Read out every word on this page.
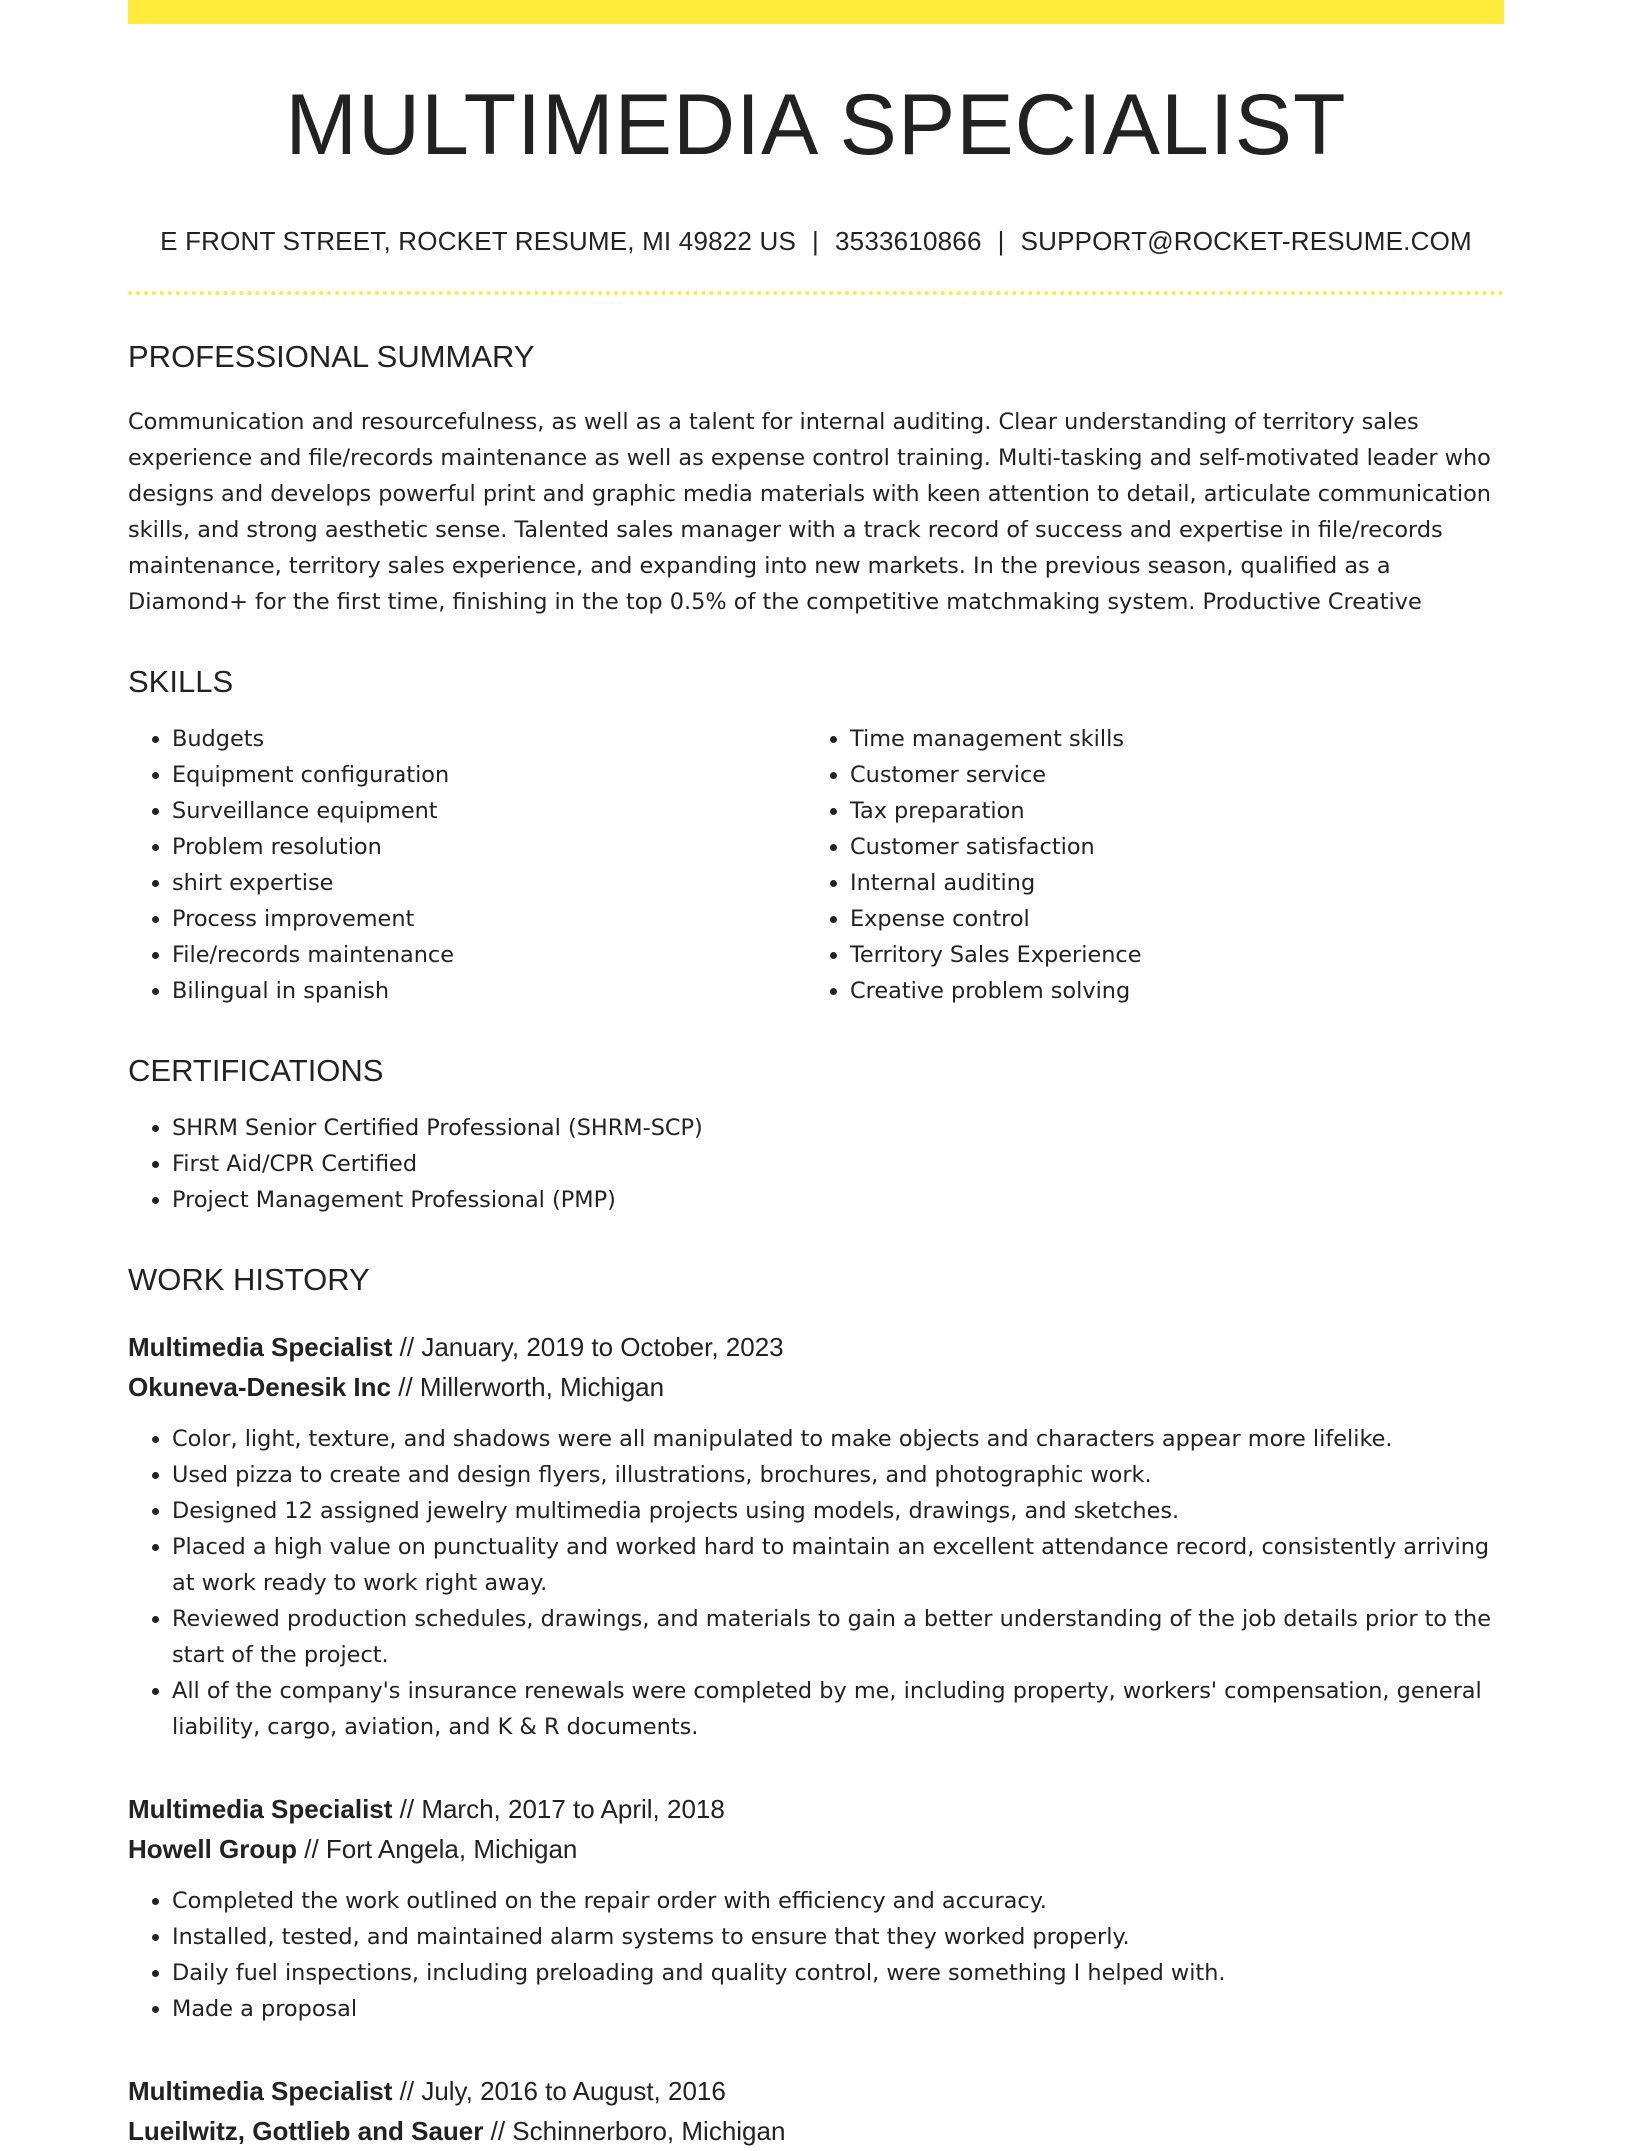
MULTIMEDIA SPECIALIST
E FRONT STREET, ROCKET RESUME, MI 49822 US | 3533610866 | SUPPORT@ROCKET-RESUME.COM
PROFESSIONAL SUMMARY

Communication and resourcefulness, as well as a talent for internal auditing. Clear understanding of territory sales experience and file/records maintenance as well as expense control training. Multi-tasking and self-motivated leader who designs and develops powerful print and graphic media materials with keen attention to detail, articulate communication skills, and strong aesthetic sense. Talented sales manager with a track record of success and expertise in file/records maintenance, territory sales experience, and expanding into new markets. In the previous season, qualified as a Diamond+ for the first time, finishing in the top 0.5% of the competitive matchmaking system. Productive Creative

SKILLS
• Budgets
• Equipment configuration
• Surveillance equipment
• Problem resolution
• shirt expertise
• Process improvement
• File/records maintenance
• Bilingual in spanish
• Time management skills
• Customer service
• Tax preparation
• Customer satisfaction
• Internal auditing
• Expense control
• Territory Sales Experience
• Creative problem solving
CERTIFICATIONS
• SHRM Senior Certified Professional (SHRM-SCP)
• First Aid/CPR Certified
• Project Management Professional (PMP)
WORK HISTORY

Multimedia Specialist // January, 2019 to October, 2023

Okuneva-Denesik Inc // Millerworth, Michigan

• Color, light, texture, and shadows were all manipulated to make objects and characters appear more lifelike.
• Used pizza to create and design flyers, illustrations, brochures, and photographic work.
• Designed 12 assigned jewelry multimedia projects using models, drawings, and sketches.
• Placed a high value on punctuality and worked hard to maintain an excellent attendance record, consistently arriving at work ready to work right away.
• Reviewed production schedules, drawings, and materials to gain a better understanding of the job details prior to the start of the project.
• All of the company's insurance renewals were completed by me, including property, workers' compensation, general liability, cargo, aviation, and K & R documents.

Multimedia Specialist // March, 2017 to April, 2018

Howell Group // Fort Angela, Michigan

• Completed the work outlined on the repair order with efficiency and accuracy.
• Installed, tested, and maintained alarm systems to ensure that they worked properly.
• Daily fuel inspections, including preloading and quality control, were something I helped with.
• Made a proposal

Multimedia Specialist // July, 2016 to August, 2016

Lueilwitz, Gottlieb and Sauer // Schinnerboro, Michigan
